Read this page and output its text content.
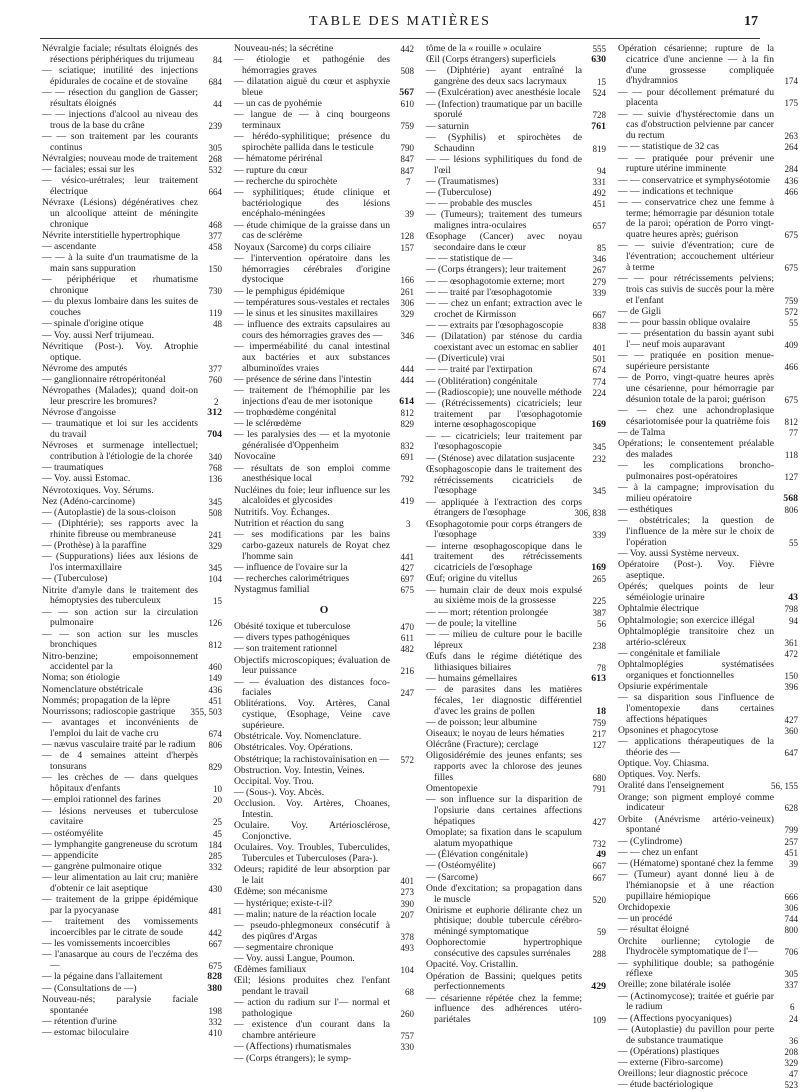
TABLE DES MATIÈRES	17
Névralgie faciale; résultats éloignés des résections périphériques du trijumeau	84
— sciatique; inutilité des injections épidurales de cocaïne et de stovaïne	684
— — résection du ganglion de Gasser; résultats éloignés	44
— — injections d'alcool au niveau des trous de la base du crâne	239
— — son traitement par les courants continus	305
Névralgies; nouveau mode de traitement	268
— faciales; essai sur les	532
— vésico-urétrales; leur traitement électrique	664
Névraxe (Lésions) dégénératives chez un alcoolique atteint de méningite chronique	468
Névrite interstitielle hypertrophique	377
— ascendante	458
— — à la suite d'un traumatisme de la main sans suppuration	150
— périphérique et rhumatisme chronique	730
— du plexus lombaire dans les suites de couches	119
— spinale d'origine otique	48
— Voy. aussi Nerf trijumeau.
Névritique (Post-). Voy. Atrophie optique.
Névrome des amputés	377
— ganglionnaire rétropéritonéal	760
Névropathes (Malades); quand doit-on leur prescrire les bromures?	2
Névrose d'angoisse	312
— traumatique et loi sur les accidents du travail	704
Névroses et surmenage intellectuel; contribution à l'étiologie de la chorée	340
— traumatiques	768
— Voy. aussi Estomac.	136
Névrotoxiques. Voy. Sérums.
Nez (Adéno-carcinome)	345
— (Autoplastie) de la sous-cloison	508
— (Diphtérie); ses rapports avec la rhinite fibreuse ou membraneuse	241
— (Prothèse) à la paraffine	329
— (Suppurations) liées aux lésions de l'os intermaxillaire	345
— (Tuberculose)	104
Nitrite d'amyle dans le traitement des hémoptysies des tuberculeux	15
— — son action sur la circulation pulmonaire	126
— — son action sur les muscles bronchiques	812
Nitro-benzine; empoisonnement accidentel par la	460
Noma; son étiologie	149
Nomenclature obstétricale	436
Nommés; propagation de la lèpre	451
Nourrissons; radioscopie gastrique	355, 503
— avantages et inconvénients de l'emploi du lait de vache cru	674
— nævus vasculaire traité par le radium	806
— de 4 semaines atteint d'herpès tonsurans	829
— les crèches de — dans quelques hôpitaux d'enfants	10
— emploi rationnel des farines	20
— lésions nerveuses et tuberculose cavitaire	25
— ostéomyélite	45
— lymphangite gangreneuse du scrotum	184
— appendicite	285
— gangrène pulmonaire otique	332
— leur alimentation au lait cru; manière d'obtenir ce lait aseptique	430
— traitement de la grippe épidémique par la pyocyanase	481
— traitement des vomissements incoercibles par le citrate de soude	442
— les vomissements incoercibles	667
— l'anasarque au cours de l'eczéma des —	675
— la pégaine dans l'allaitement	828
— (Consultations de —)	380
Nouveau-nés; paralysie faciale spontanée	198
— rétention d'urine	332
— estomac biloculaire	410
Nouveau-nés; la sécrétine	442
— étiologie et pathogénie des hémorragies graves	508
— dilatation aiguë du cœur et asphyxie bleue	567
— un cas de pyohémie	610
— langue de — à cinq bourgeons terminaux	759
— hérédo-syphilitique; présence du spirochète pallida dans le testicule	790
— hématome périrénal	847
— rupture du cœur	847
— recherche du spirochète	7
— syphilitiques; étude clinique et bactériologique des lésions encéphalo-méningées	39
— étude chimique de la graisse dans un cas de sclérème	128
Noyaux (Sarcome) du corps ciliaire	157
— l'intervention opératoire dans les hémorragies cérébrales d'origine dystocique	166
— le pemphigus épidémique	261
— températures sous-vestales et rectales	306
— le sinus et les sinusites maxillaires	329
— influence des extraits capsulaires au cours des hémorragies graves des —	346
— imperméabilité du canal intestinal aux bactéries et aux substances albuminoïdes vraies	444
— présence de sérine dans l'intestin	444
— traitement de l'hémophilie par les injections d'eau de mer isotonique	614
— trophœdème congénital	812
— le sclérœdème	829
— les paralysies des — et la myotonie généralisée d'Oppenheim	832
Novocaïne	691
— résultats de son emploi comme anesthésique local	792
Nucléines du foie; leur influence sur les alcaloïdes et glycosides	419
Nutritifs. Voy. Échanges.
Nutrition et réaction du sang	3
— ses modifications par les bains carbo-gazeux naturels de Royat chez l'homme sain	441
— influence de l'ovaire sur la	427
— recherches calorimétriques	697
Nystagmus familial	675
O
Obésité toxique et tuberculose	470
— divers types pathogéniques	611
— son traitement rationnel	482
Objectifs microscopiques; évaluation de leur puissance	216
— — évaluation des distances foco-faciales	247
Oblitérations. Voy. Artères, Canal cystique, Œsophage, Veine cave supérieure.
Obstétricale. Voy. Nomenclature.
Obstétricales. Voy. Opérations.
Obstétrique; la rachistovaïnisation en —	572
Obstruction. Voy. Intestin, Veines.
Occipital. Voy. Trou.
— (Sous-). Voy. Abcès.
Occlusion. Voy. Artères, Choanes, Intestin.
Oculaire. Voy. Artériosclérose, Conjonctive.
Oculaires. Voy. Troubles, Tuberculides, Tubercules et Tuberculoses (Para-).
Odeurs; rapidité de leur absorption par le lait	401
Œdème; son mécanisme	273
— hystérique; existe-t-il?	390
— malin; nature de la réaction locale	207
— pseudo-phlegmoneux consécutif à des piqûres d'Argas	378
— segmentaire chronique	493
— Voy. aussi Langue, Poumon.
Œdèmes familiaux	104
Œil; lésions produites chez l'enfant pendant le travail	68
— action du radium sur l'— normal et pathologique	260
— existence d'un courant dans la chambre antérieure	757
— (Affections) rhumatismales	330
— (Corps étrangers); le symp-
tôme de la « rouille » oculaire	555
Œil (Corps étrangers) superficiels	630
— (Diphtérie) ayant entraîné la gangrène des deux sacs lacrymaux	15
— (Exulcération) avec anesthésie locale	524
— (Infection) traumatique par un bacille sporulé	728
— saturnin	761
— (Syphilis) et spirochètes de Schaudinn	819
— — lésions syphilitiques du fond de l'œil	94
— (Traumatismes)	331
— (Tuberculose)	492
— — probable des muscles	451
— (Tumeurs); traitement des tumeurs malignes intra-oculaires	657
Œsophage (Cancer) avec noyau secondaire dans le cœur	85
— — statistique de —	346
— (Corps étrangers); leur traitement	267
— — œsophagotomie externe; mort	279
— — traité par l'œsophagotomie	339
— — chez un enfant; extraction avec le crochet de Kirmisson	667
— — extraits par l'œsophagoscopie	838
— (Dilatation) par sténose du cardia coexistant avec un estomac en sablier	401
— (Diverticule) vrai	501
— — traité par l'extirpation	674
— (Oblitération) congénitale	774
— (Radioscopie); une nouvelle méthode	224
— (Rétrécissements) cicatriciels; leur traitement par l'œsophagotomie interne œsophagoscopique	169
— — cicatriciels; leur traitement par l'œsophagoscopie	345
— (Sténose) avec dilatation susjacente	232
Œsophagoscopie dans le traitement des rétrécissements cicatriciels de l'œsophage	345
— appliquée à l'extraction des corps étrangers de l'œsophage	306, 838
Œsophagotomie pour corps étrangers de l'œsophage	339
— interne œsophagoscopique dans le traitement des rétrécissements cicatriciels de l'œsophage	169
Œuf; origine du vitellus	265
— humain clair de deux mois expulsé au sixième mois de la grossesse	225
— — mort; rétention prolongée	387
— de poule; la vitelline	56
— — milieu de culture pour le bacille lépreux	238
Œufs dans le régime diététique des lithiasiques biliaires	78
— humains gémellaires	613
— de parasites dans les matières fécales, 1er diagnostic différentiel d'avec les grains de pollen	18
— de poisson; leur albumine	759
Oiseaux; le noyau de leurs hématies	217
Olécrâne (Fracture); cerclage	127
Oligosidérémie des jeunes enfants; ses rapports avec la chlorose des jeunes filles	680
Omentopexie	791
— son influence sur la disparition de l'opsiurie dans certaines affections hépatiques	427
Omoplate; sa fixation dans le scapulum alatum myopathique	732
— (Élévation congénitale)	49
— (Ostéomyélite)	667
— (Sarcome)	667
Onde d'excitation; sa propagation dans le muscle	520
Onirisme et euphorie délirante chez un phtisique; double tubercule cérébro-méningé symptomatique	59
Oophorectomie hypertrophique consécutive des capsules surrénales	288
Opacité. Voy. Cristallin.
Opération de Bassini; quelques petits perfectionnements	429
— césarienne répétée chez la femme; influence des adhérences utéro-pariétales	109
Opération césarienne; rupture de la cicatrice d'une ancienne — à la fin d'une grossesse compliquée d'hydramnios	174
— — pour décollement prématuré du placenta	175
— — suivie d'hystérectomie dans un cas d'obstruction pelvienne par cancer du rectum	263
— — statistique de 32 cas	264
— — pratiquée pour prévenir une rupture utérine imminente	284
— — conservatrice et symphyséotomie	436
— — indications et technique	466
— — conservatrice chez une femme à terme; hémorragie par désunion totale de la paroi; opération de Porro vingt-quatre heures après; guérison	675
— — suivie d'éventration; cure de l'éventration; accouchement ultérieur à terme	675
— — pour rétrécissements pelviens; trois cas suivis de succès pour la mère et l'enfant	759
— de Gigli	572
— — pour bassin oblique ovalaire	55
— — présentation du bassin ayant subi l'— neuf mois auparavant	409
— — pratiquée en position menue-supérieure persistante	466
— de Porro, vingt-quatre heures après une césarienne, pour hémorragie par désunion totale de la paroi; guérison	675
— — chez une achondroplasique césariotomisée pour la quatrième fois	812
— de Talma	77
Opérations; le consentement préalable des malades	118
— les complications broncho-pulmonaires post-opératoires	127
— à la campagne; improvisation du milieu opératoire	568
— esthétiques	806
— obstétricales; la question de l'influence de la mère sur le choix de l'opération	55
— Voy. aussi Système nerveux.
Opératoire (Post-). Voy. Fièvre aseptique.
Opérés; quelques points de leur séméiologie urinaire	43
Ophtalmie électrique	798
Ophtalmologie; son exercice illégal	94
Ophtalmoplégie transitoire chez un artério-scléreux	361
— congénitale et familiale	472
Ophtalmoplégies systématisées organiques et fonctionnelles	150
Opsiurie expérimentale	396
— sa disparition sous l'influence de l'omentopexie dans certaines affections hépatiques	427
Opsonines et phagocytose	360
— applications thérapeutiques de la théorie des —	647
Optique. Voy. Chiasma.
Optiques. Voy. Nerfs.
Oralité dans l'enseignement	56, 155
Orange; son pigment employé comme indicateur	628
Orbite (Anévrisme artério-veineux) spontané	799
— (Cylindrome)	257
— — chez un enfant	451
— (Hématome) spontané chez la femme	39
— (Tumeur) ayant donné lieu à de l'hémianopsie et à une réaction pupillaire hémiopique	666
Orchidopexie	306
— un procédé	744
— résultat éloigné	800
Orchite ourlienne; cytologie de l'hydrocèle symptomatique de l'—	706
— syphilitique double; sa pathogénie réflexe	305
Oreille; zone bilatérale isolée	337
— (Actinomycose); traitée et guérie par le radium	6
— (Affections pyocyaniques)	24
— (Autoplastie) du pavillon pour perte de substance traumatique	36
— (Opérations) plastiques	208
— externe (Fibro-sarcome)	329
Oreillons; leur diagnostic précoce	47
— étude bactériologique	523
